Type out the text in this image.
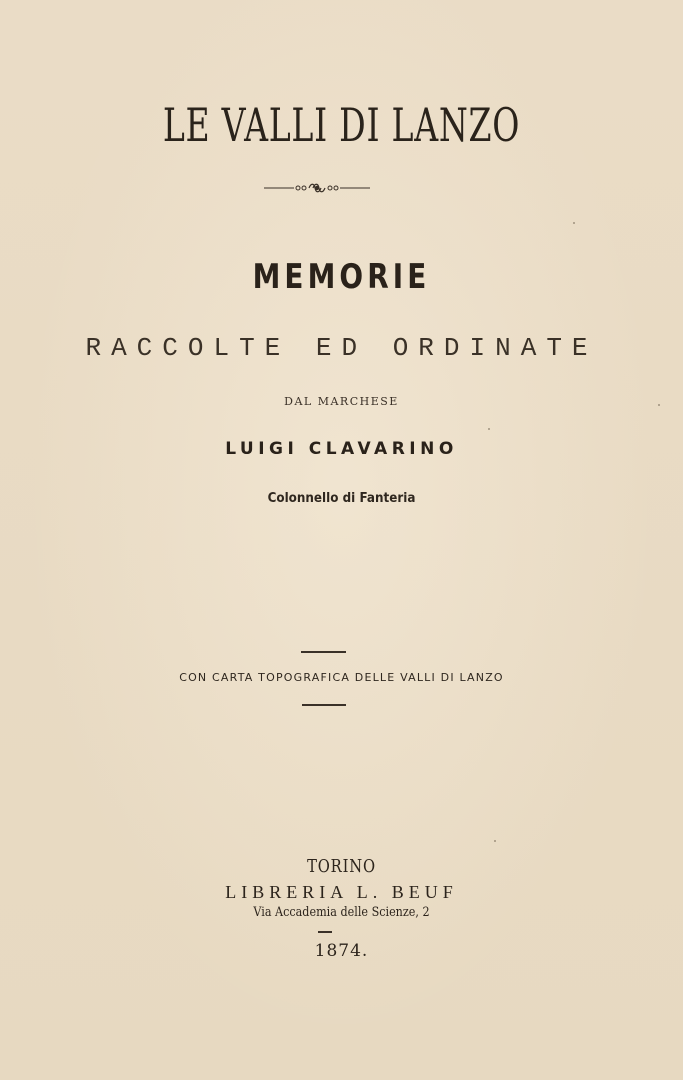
LE VALLI DI LANZO
MEMORIE
RACCOLTE ED ORDINATE
DAL MARCHESE
LUIGI CLAVARINO
Colonnello di Fanteria
CON CARTA TOPOGRAFICA DELLE VALLI DI LANZO
TORINO
LIBRERIA L. BEUF
Via Accademia delle Scienze, 2
1874.
